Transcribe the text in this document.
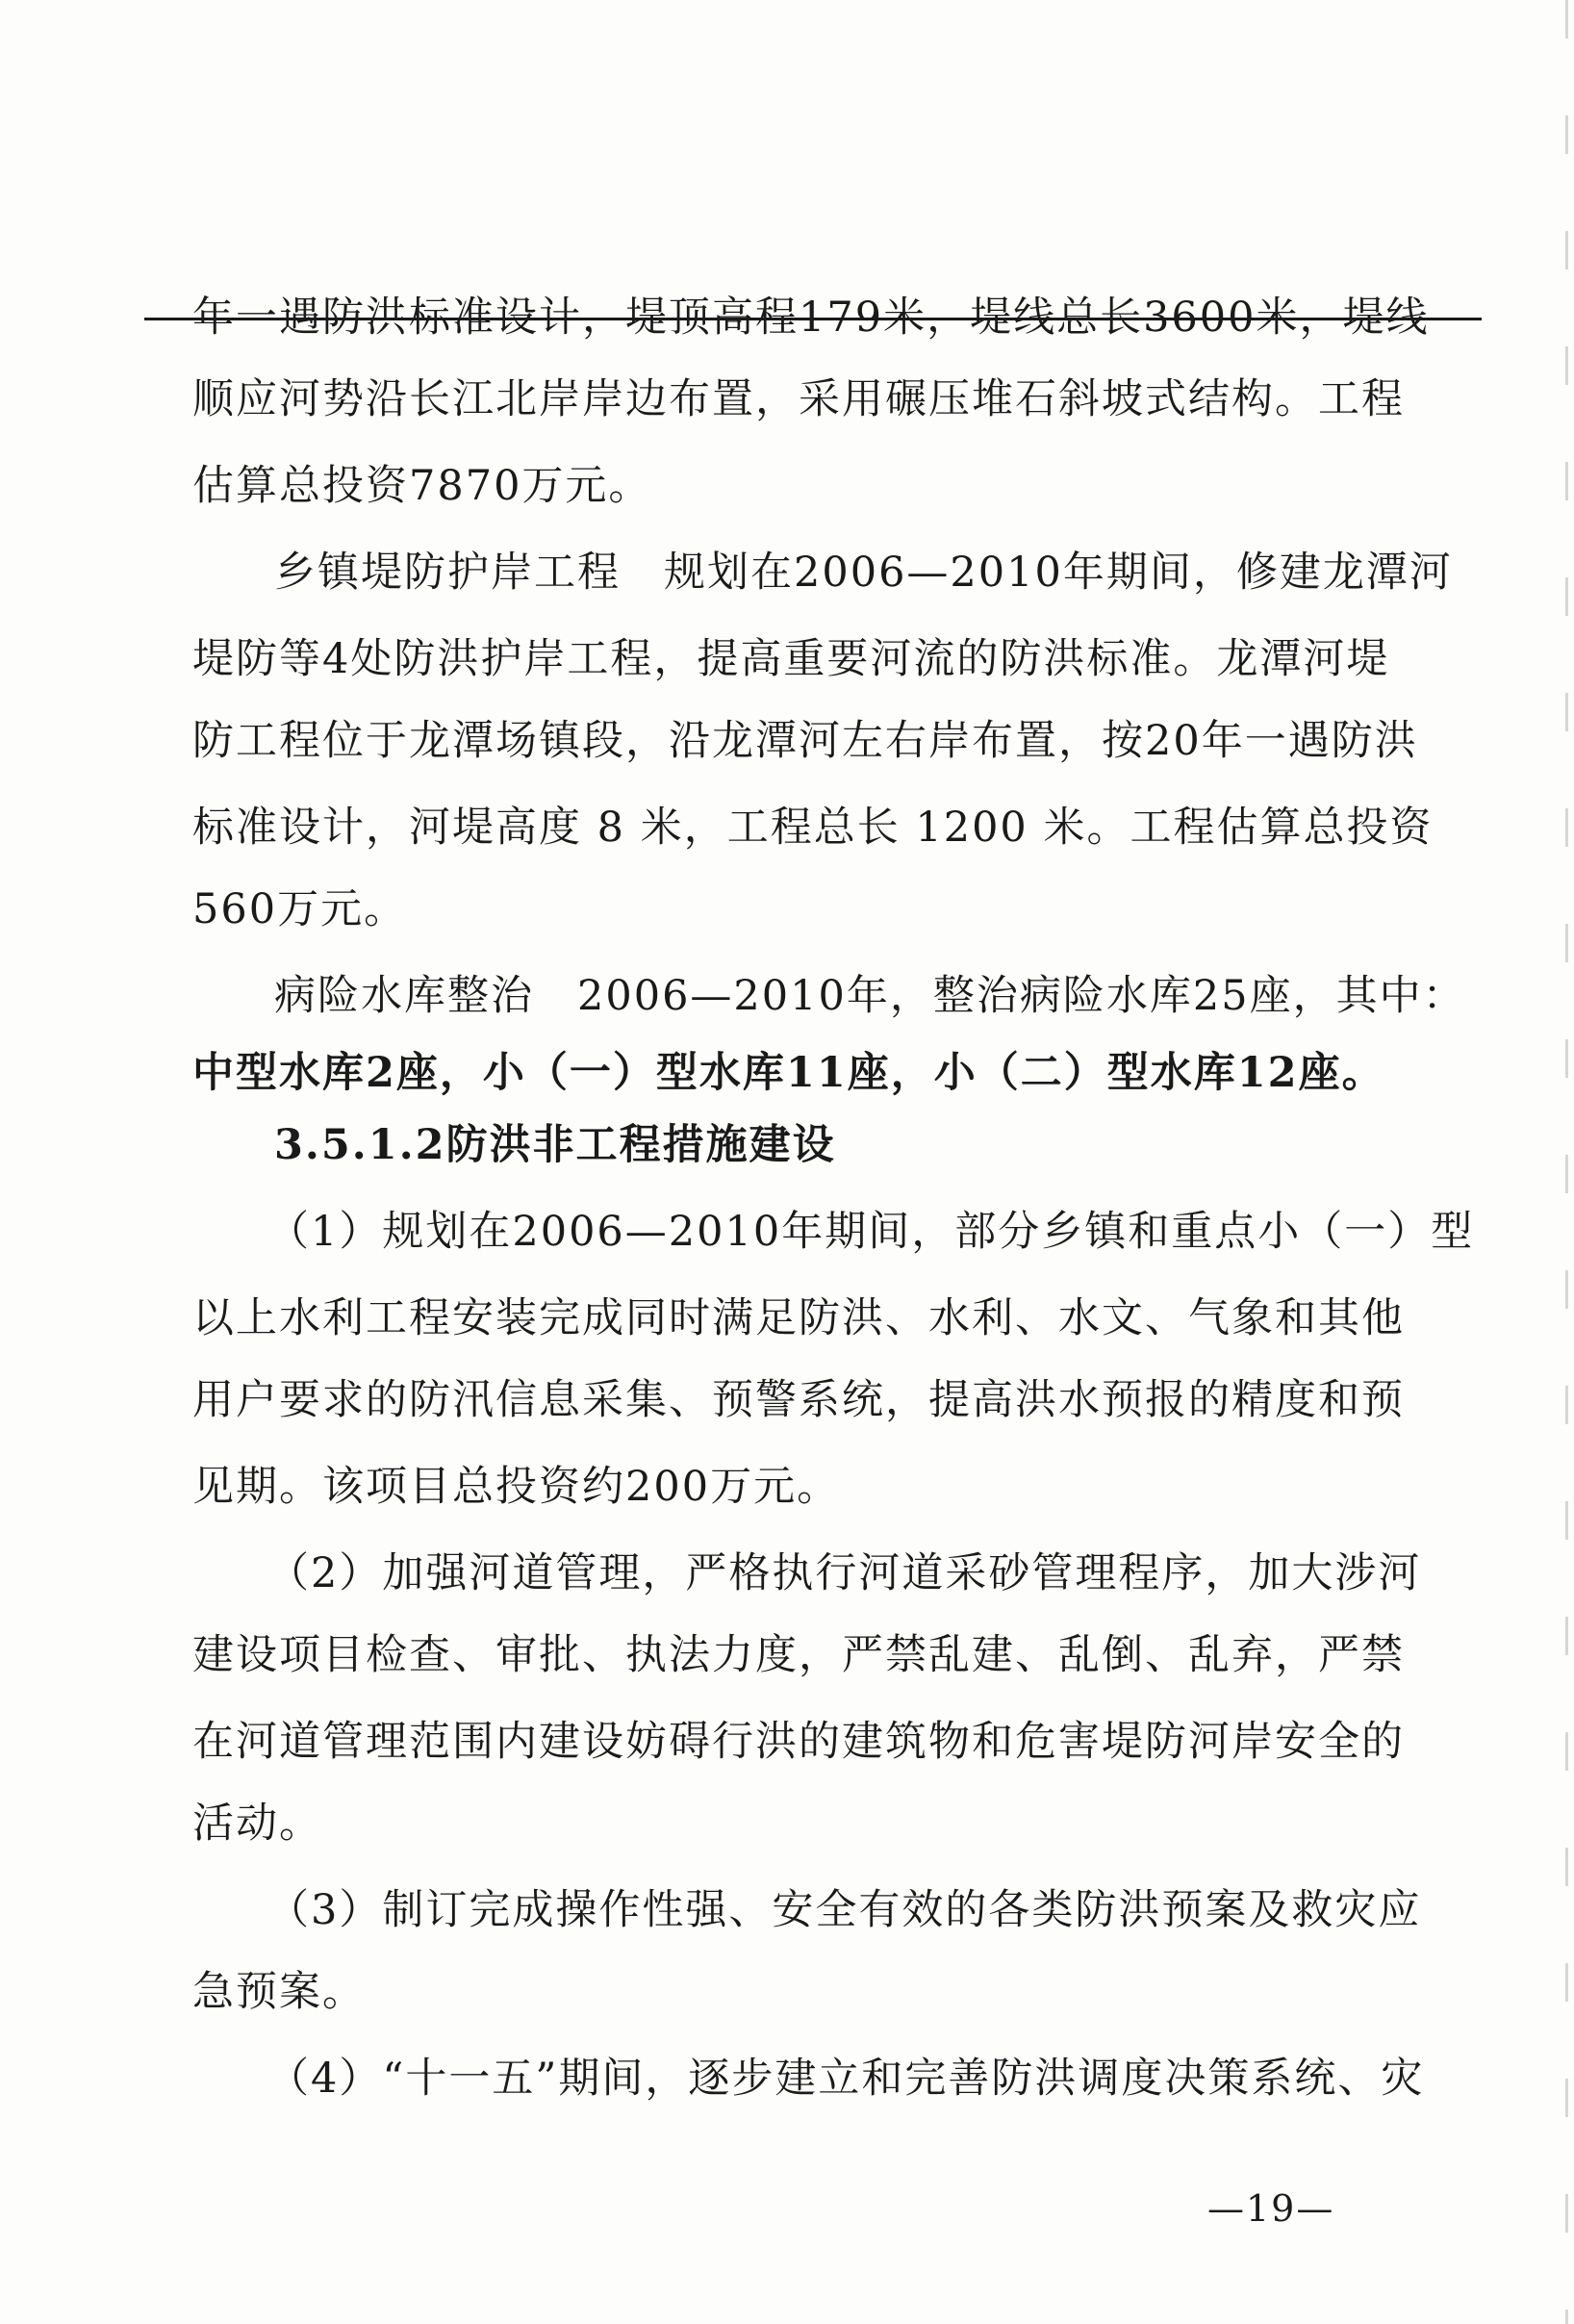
年一遇防洪标准设计，堤顶高程179米，堤线总长3600米，堤线
顺应河势沿长江北岸岸边布置，采用碾压堆石斜坡式结构。工程
估算总投资7870万元。
乡镇堤防护岸工程　规划在2006—2010年期间，修建龙潭河
堤防等4处防洪护岸工程，提高重要河流的防洪标准。龙潭河堤
防工程位于龙潭场镇段，沿龙潭河左右岸布置，按20年一遇防洪
标准设计，河堤高度 8 米，工程总长 1200 米。工程估算总投资
560万元。
病险水库整治　2006—2010年，整治病险水库25座，其中：
中型水库2座，小（一）型水库11座，小（二）型水库12座。
3.5.1.2防洪非工程措施建设
（1）规划在2006—2010年期间，部分乡镇和重点小（一）型
以上水利工程安装完成同时满足防洪、水利、水文、气象和其他
用户要求的防汛信息采集、预警系统，提高洪水预报的精度和预
见期。该项目总投资约200万元。
（2）加强河道管理，严格执行河道采砂管理程序，加大涉河
建设项目检查、审批、执法力度，严禁乱建、乱倒、乱弃，严禁
在河道管理范围内建设妨碍行洪的建筑物和危害堤防河岸安全的
活动。
（3）制订完成操作性强、安全有效的各类防洪预案及救灾应
急预案。
（4）“十一五”期间，逐步建立和完善防洪调度决策系统、灾
—19—
